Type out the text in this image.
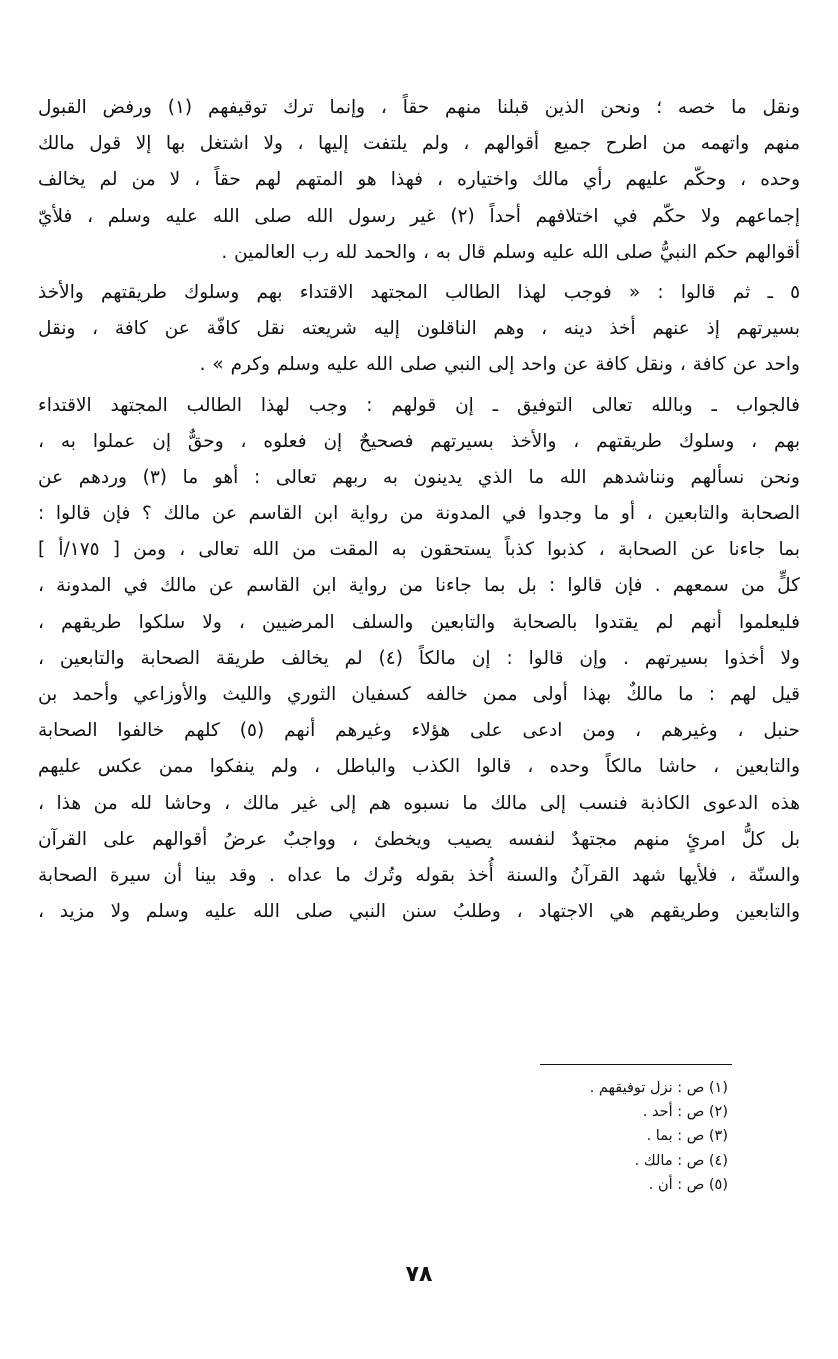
ونقل ما خصه ؛ ونحن الذين قبلنا منهم حقاً ، وإنما ترك توقيفهم (١) ورفض القبول
منهم واتهمه من اطرح جميع أقوالهم ، ولم يلتفت إليها ، ولا اشتغل بها إلا قول مالك
وحده ، وحكّم عليهم رأي مالك واختياره ، فهذا هو المتهم لهم حقاً ، لا من لم يخالف
إجماعهم ولا حكّم في اختلافهم أحداً (٢) غير رسول الله صلى الله عليه وسلم ، فلأيّ
أقوالهم حكم النبيُّ صلى الله عليه وسلم قال به ، والحمد لله رب العالمين .
٥ ـ ثم قالوا : « فوجب لهذا الطالب المجتهد الاقتداء بهم وسلوك طريقتهم والأخذ
بسيرتهم إذ عنهم أخذ دينه ، وهم الناقلون إليه شريعته نقل كافّة عن كافة ، ونقل
واحد عن كافة ، ونقل كافة عن واحد إلى النبي صلى الله عليه وسلم وكرم » .
فالجواب ـ وبالله تعالى التوفيق ـ إن قولهم : وجب لهذا الطالب المجتهد الاقتداء
بهم ، وسلوك طريقتهم ، والأخذ بسيرتهم فصحيحٌ إن فعلوه ، وحقٌّ إن عملوا به ،
ونحن نسألهم ونناشدهم الله ما الذي يدينون به ربهم تعالى : أهو ما (٣) وردهم عن
الصحابة والتابعين ، أو ما وجدوا في المدونة من رواية ابن القاسم عن مالك ؟ فإن قالوا :
بما جاءنا عن الصحابة ، كذبوا كذباً يستحقون به المقت من الله تعالى ، ومن [ ١٧٥/أ ]
كلٍّ من سمعهم . فإن قالوا : بل بما جاءنا من رواية ابن القاسم عن مالك في المدونة ،
فليعلموا أنهم لم يقتدوا بالصحابة والتابعين والسلف المرضيين ، ولا سلكوا طريقهم ،
ولا أخذوا بسيرتهم . وإن قالوا : إن مالكاً (٤) لم يخالف طريقة الصحابة والتابعين ،
قيل لهم : ما مالكٌ بهذا أولى ممن خالفه كسفيان الثوري والليث والأوزاعي وأحمد بن
حنبل ، وغيرهم ، ومن ادعى على هؤلاء وغيرهم أنهم (٥) كلهم خالفوا الصحابة
والتابعين ، حاشا مالكاً وحده ، قالوا الكذب والباطل ، ولم ينفكوا ممن عكس عليهم
هذه الدعوى الكاذبة فنسب إلى مالك ما نسبوه هم إلى غير مالك ، وحاشا لله من هذا ،
بل كلُّ امرئٍ منهم مجتهدٌ لنفسه يصيب ويخطئ ، وواجبٌ عرضُ أقوالهم على القرآن
والسنّة ، فلأيها شهد القرآنُ والسنة أُخذ بقوله وتُرك ما عداه . وقد بينا أن سيرة الصحابة
والتابعين وطريقهم هي الاجتهاد ، وطلبُ سنن النبي صلى الله عليه وسلم ولا مزيد ،
(١) ص : نزل توفيقهم .
(٢) ص : أحد .
(٣) ص : بما .
(٤) ص : مالك .
(٥) ص : أن .
٧٨
